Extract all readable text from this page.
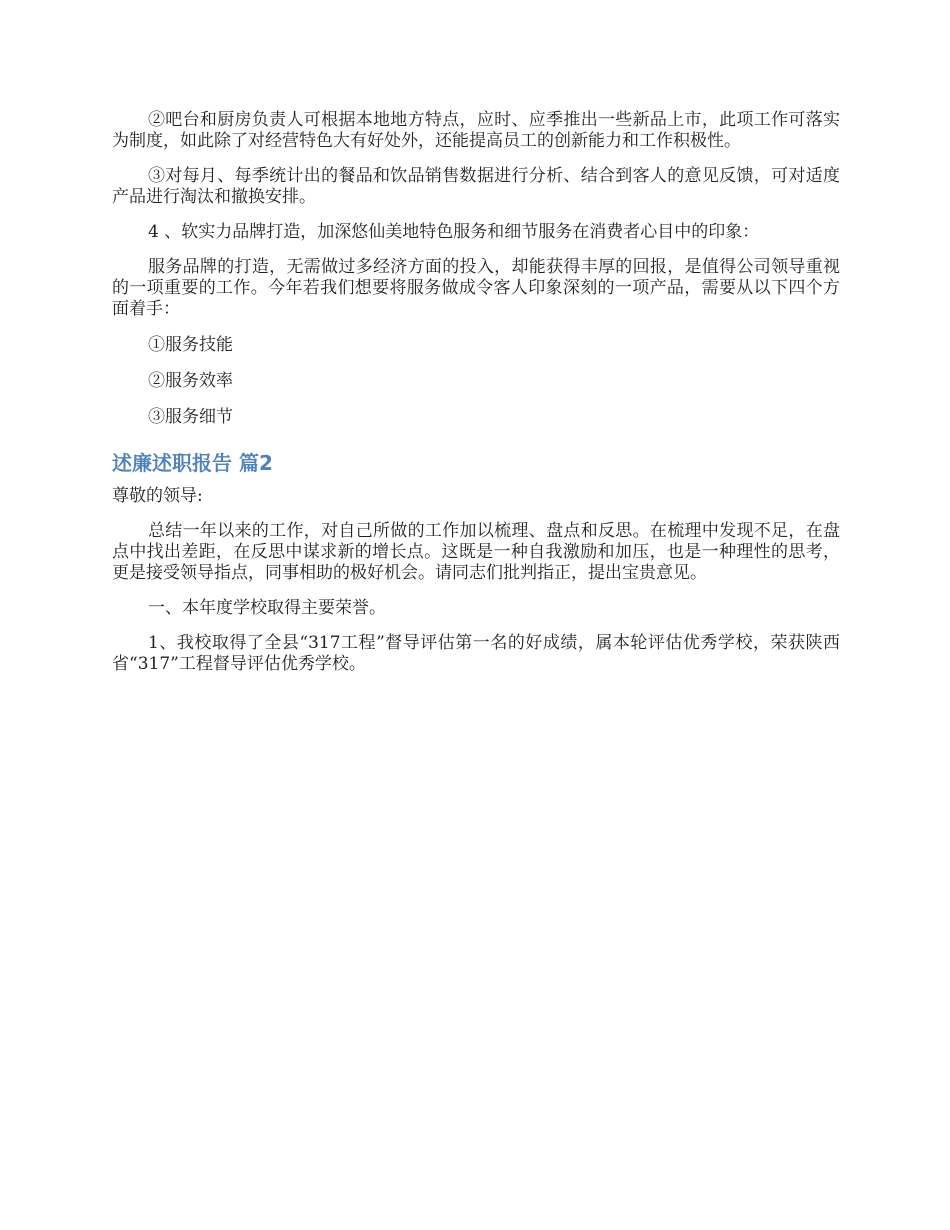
②吧台和厨房负责人可根据本地地方特点，应时、应季推出一些新品上市，此项工作可落实为制度，如此除了对经营特色大有好处外，还能提高员工的创新能力和工作积极性。

③对每月、每季统计出的餐品和饮品销售数据进行分析、结合到客人的意见反馈，可对适度产品进行淘汰和撤换安排。

4 、软实力品牌打造，加深悠仙美地特色服务和细节服务在消费者心目中的印象：

服务品牌的打造，无需做过多经济方面的投入，却能获得丰厚的回报，是值得公司领导重视的一项重要的工作。今年若我们想要将服务做成令客人印象深刻的一项产品，需要从以下四个方面着手：

①服务技能

②服务效率

③服务细节

述廉述职报告 篇2

尊敬的领导:

总结一年以来的工作，对自己所做的工作加以梳理、盘点和反思。在梳理中发现不足，在盘点中找出差距，在反思中谋求新的增长点。这既是一种自我激励和加压，也是一种理性的思考，更是接受领导指点，同事相助的极好机会。请同志们批判指正，提出宝贵意见。

一、本年度学校取得主要荣誉。

1、我校取得了全县“317工程”督导评估第一名的好成绩，属本轮评估优秀学校，荣获陕西省“317”工程督导评估优秀学校。
